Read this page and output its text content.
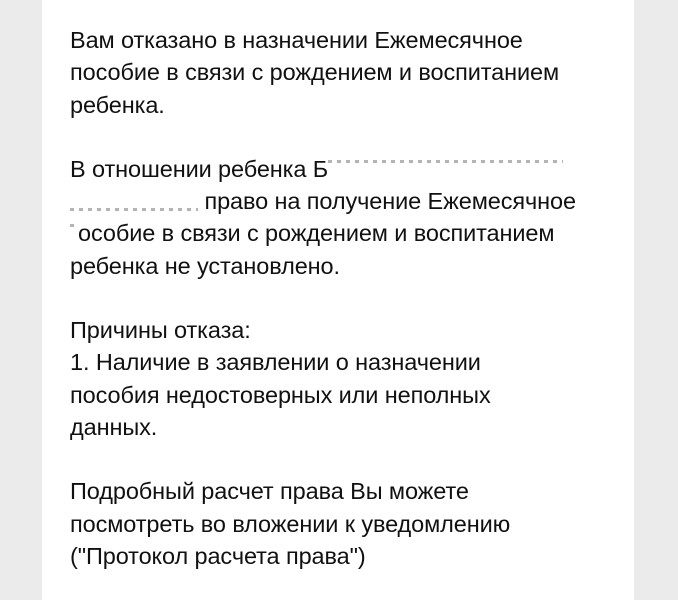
Вам отказано в назначении Ежемесячное
пособие в связи с рождением и воспитанием
ребенка.

В отношении ребенка Б
право на получение Ежемесячное
особие в связи с рождением и воспитанием
ребенка не установлено.

Причины отказа:
1. Наличие в заявлении о назначении
пособия недостоверных или неполных
данных.

Подробный расчет права Вы можете
посмотреть во вложении к уведомлению
("Протокол расчета права")
